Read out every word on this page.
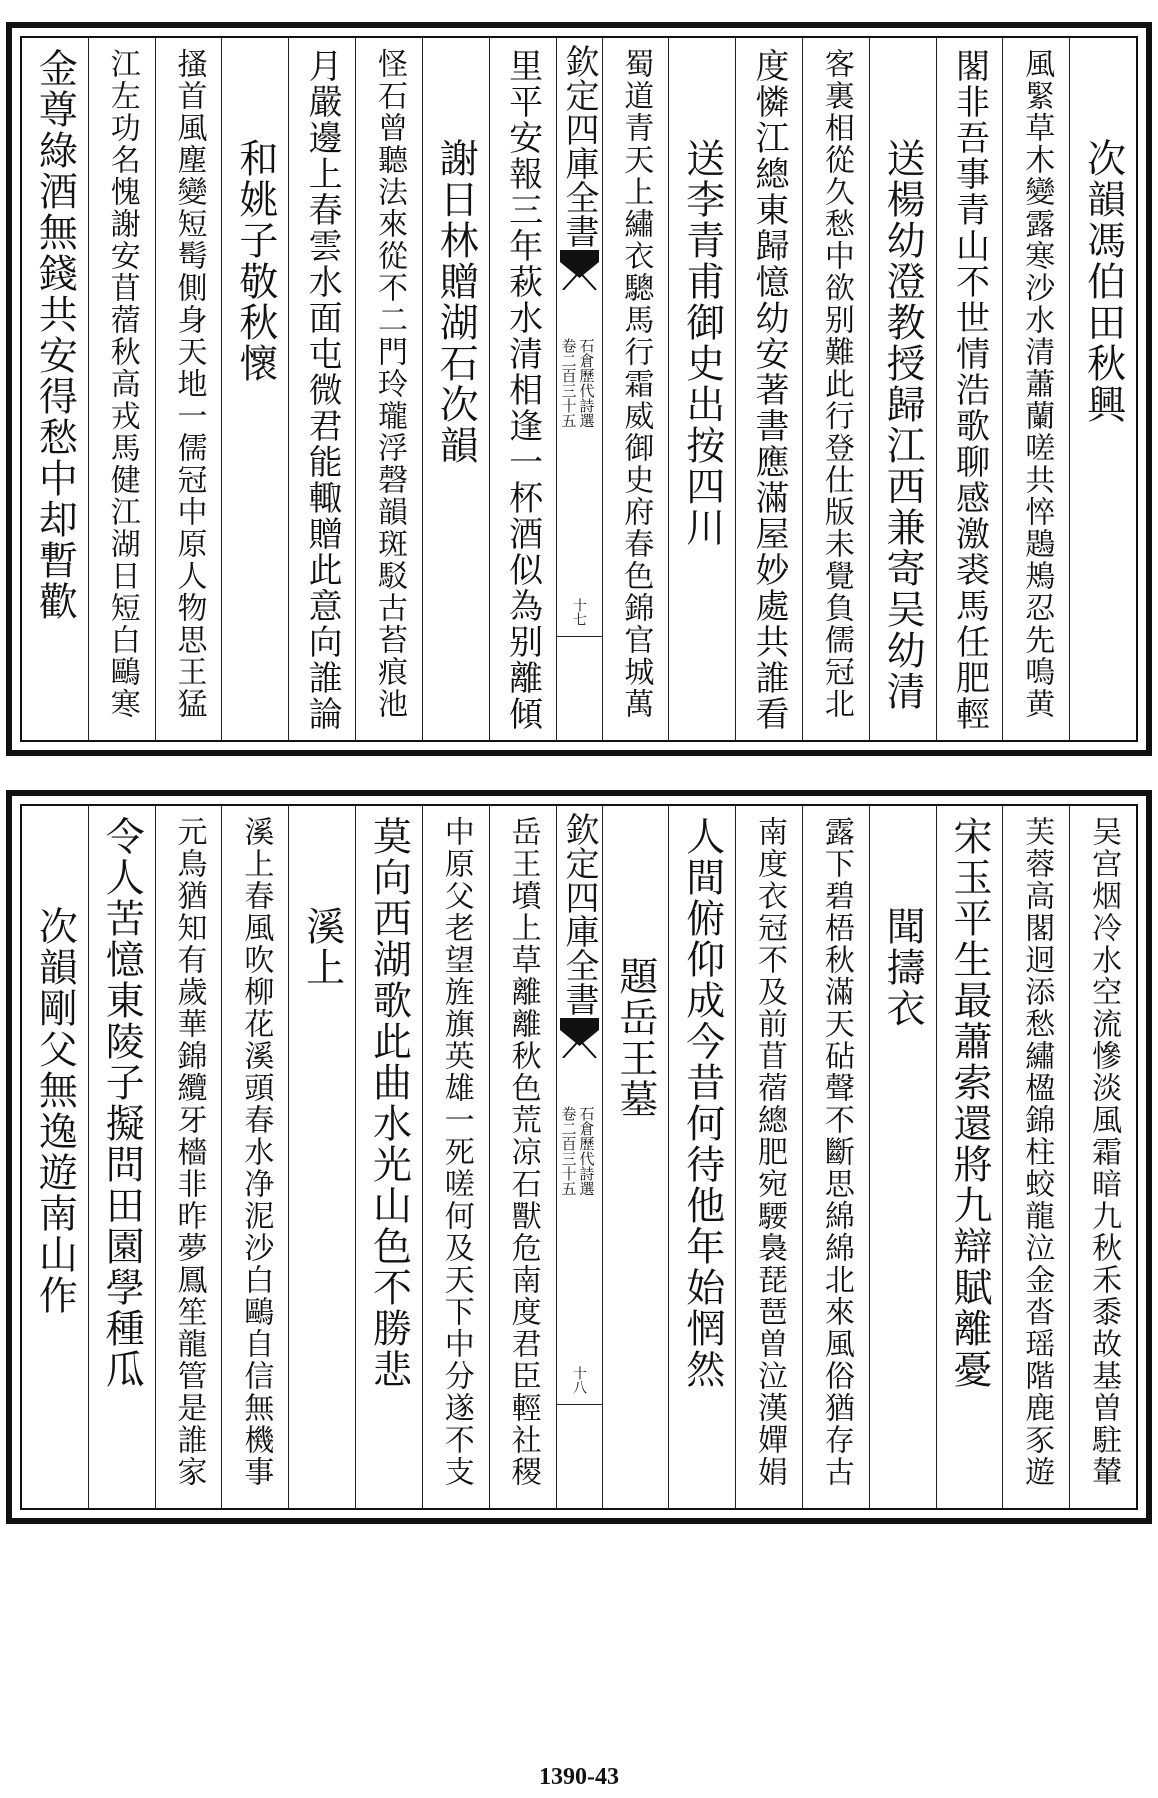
次韻馮伯田秋興
風緊草木變露寒沙水清蕭蘭嗟共悴鶗鴂忍先鳴黄
閣非吾事青山不世情浩歌聊感激裘馬任肥輕
送楊幼澄教授歸江西兼寄吴幼清
客裏相從久愁中欲别難此行登仕版未覺負儒冠北
度憐江總東歸憶幼安著書應滿屋妙處共誰看
送李青甫御史出按四川
蜀道青天上繡衣驄馬行霜威御史府春色錦官城萬
欽定四庫全書
石倉歷代詩選
卷二百三十五
十七
里平安報三年萩水清相逢一杯酒似為别離傾
謝日林贈湖石次韻
怪石曾聽法來從不二門玲瓏浮磬韻斑駁古苔痕池
月嚴邊上春雲水面屯微君能輙贈此意向誰論
和姚子敬秋懷
搔首風塵變短髩側身天地一儒冠中原人物思王猛
江左功名愧謝安苜蓿秋高戎馬健江湖日短白鷗寒
金尊綠酒無錢共安得愁中却暫歡
吴宫烟冷水空流慘淡風霜暗九秋禾黍故基曽駐輦
芙蓉高閣迥添愁繡楹錦柱蛟龍泣金沓瑶階鹿豕遊
宋玉平生最蕭索還將九辯賦離憂
聞擣衣
露下碧梧秋滿天砧聲不斷思綿綿北來風俗猶存古
南度衣冠不及前苜蓿總肥宛騕裊琵琶曽泣漢嬋娟
人間俯仰成今昔何待他年始惘然
題岳王墓
欽定四庫全書
石倉歷代詩選
卷二百三十五
十八
岳王墳上草離離秋色荒凉石獸危南度君臣輕社稷
中原父老望旌旗英雄一死嗟何及天下中分遂不支
莫向西湖歌此曲水光山色不勝悲
溪上
溪上春風吹柳花溪頭春水净泥沙白鷗自信無機事
元鳥猶知有歲華錦纜牙檣非昨夢鳳笙龍管是誰家
令人苦憶東陵子擬問田園學種瓜
次韻剛父無逸遊南山作
1390-43
